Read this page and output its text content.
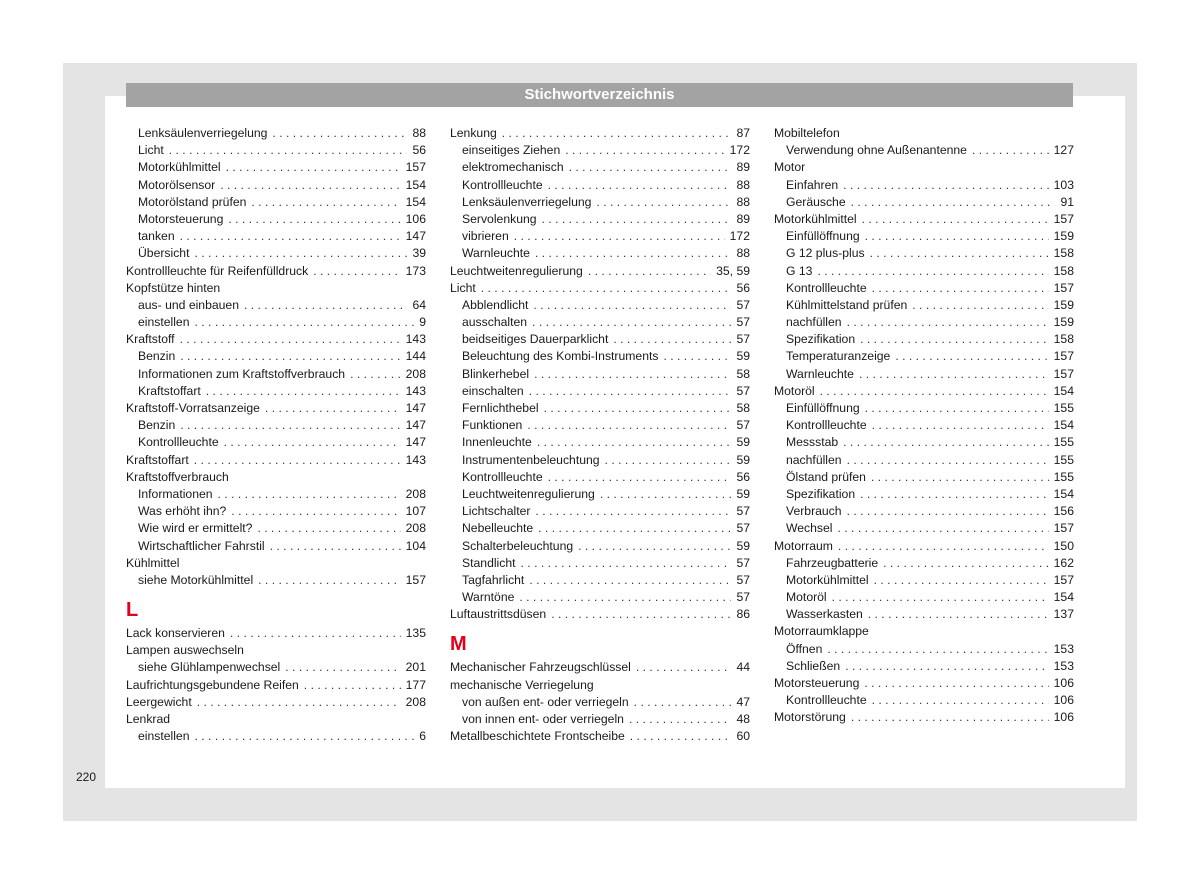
Stichwortverzeichnis
Lenksäulenverriegelung . . .	88
Licht . . .	56
Motorkühlmittel . . .	157
Motorölsensor . . .	154
Motorölstand prüfen . . .	154
Motorsteuerung . . .	106
tanken . . .	147
Übersicht . . .	39
Kontrollleuchte für Reifenfülldruck . . .	173
Kopfstütze hinten
aus- und einbauen . . .	64
einstellen . . .	9
Kraftstoff . . .	143
Benzin . . .	144
Informationen zum Kraftstoffverbrauch . . .	208
Kraftstoffart . . .	143
Kraftstoff-Vorratsanzeige . . .	147
Benzin . . .	147
Kontrollleuchte . . .	147
Kraftstoffart . . .	143
Kraftstoffverbrauch
Informationen . . .	208
Was erhöht ihn? . . .	107
Wie wird er ermittelt? . . .	208
Wirtschaftlicher Fahrstil . . .	104
Kühlmittel
siehe Motorkühlmittel . . .	157
L
Lack konservieren . . .	135
Lampen auswechseln
siehe Glühlampenwechsel . . .	201
Laufrichtungsgebundene Reifen . . .	177
Leergewicht . . .	208
Lenkrad
einstellen . . .	6
Lenkung . . .	87
einseitiges Ziehen . . .	172
elektromechanisch . . .	89
Kontrollleuchte . . .	88
Lenksäulenverriegelung . . .	88
Servolenkung . . .	89
vibrieren . . .	172
Warnleuchte . . .	88
Leuchtweitenregulierung . . .	35, 59
Licht . . .	56
Abblendlicht . . .	57
ausschalten . . .	57
beidseitiges Dauerparklicht . . .	57
Beleuchtung des Kombi-Instruments . . .	59
Blinkerhebel . . .	58
einschalten . . .	57
Fernlichthebel . . .	58
Funktionen . . .	57
Innenleuchte . . .	59
Instrumentenbeleuchtung . . .	59
Kontrollleuchte . . .	56
Leuchtweitenregulierung . . .	59
Lichtschalter . . .	57
Nebelleuchte . . .	57
Schalterbeleuchtung . . .	59
Standlicht . . .	57
Tagfahrlicht . . .	57
Warntöne . . .	57
Luftaustrittsdüsen . . .	86
M
Mechanischer Fahrzeugschlüssel . . .	44
mechanische Verriegelung
von außen ent- oder verriegeln . . .	47
von innen ent- oder verriegeln . . .	48
Metallbeschichtete Frontscheibe . . .	60
Mobiltelefon
Verwendung ohne Außenantenne . . .	127
Motor
Einfahren . . .	103
Geräusche . . .	91
Motorkühlmittel . . .	157
Einfüllöffnung . . .	159
G 12 plus-plus . . .	158
G 13 . . .	158
Kontrollleuchte . . .	157
Kühlmittelstand prüfen . . .	159
nachfüllen . . .	159
Spezifikation . . .	158
Temperaturanzeige . . .	157
Warnleuchte . . .	157
Motoröl . . .	154
Einfüllöffnung . . .	155
Kontrollleuchte . . .	154
Messstab . . .	155
nachfüllen . . .	155
Ölstand prüfen . . .	155
Spezifikation . . .	154
Verbrauch . . .	156
Wechsel . . .	157
Motorraum . . .	150
Fahrzeugbatterie . . .	162
Motorkühlmittel . . .	157
Motoröl . . .	154
Wasserkasten . . .	137
Motorraumklappe
Öffnen . . .	153
Schließen . . .	153
Motorsteuerung . . .	106
Kontrollleuchte . . .	106
Motorstörung . . .	106
220
